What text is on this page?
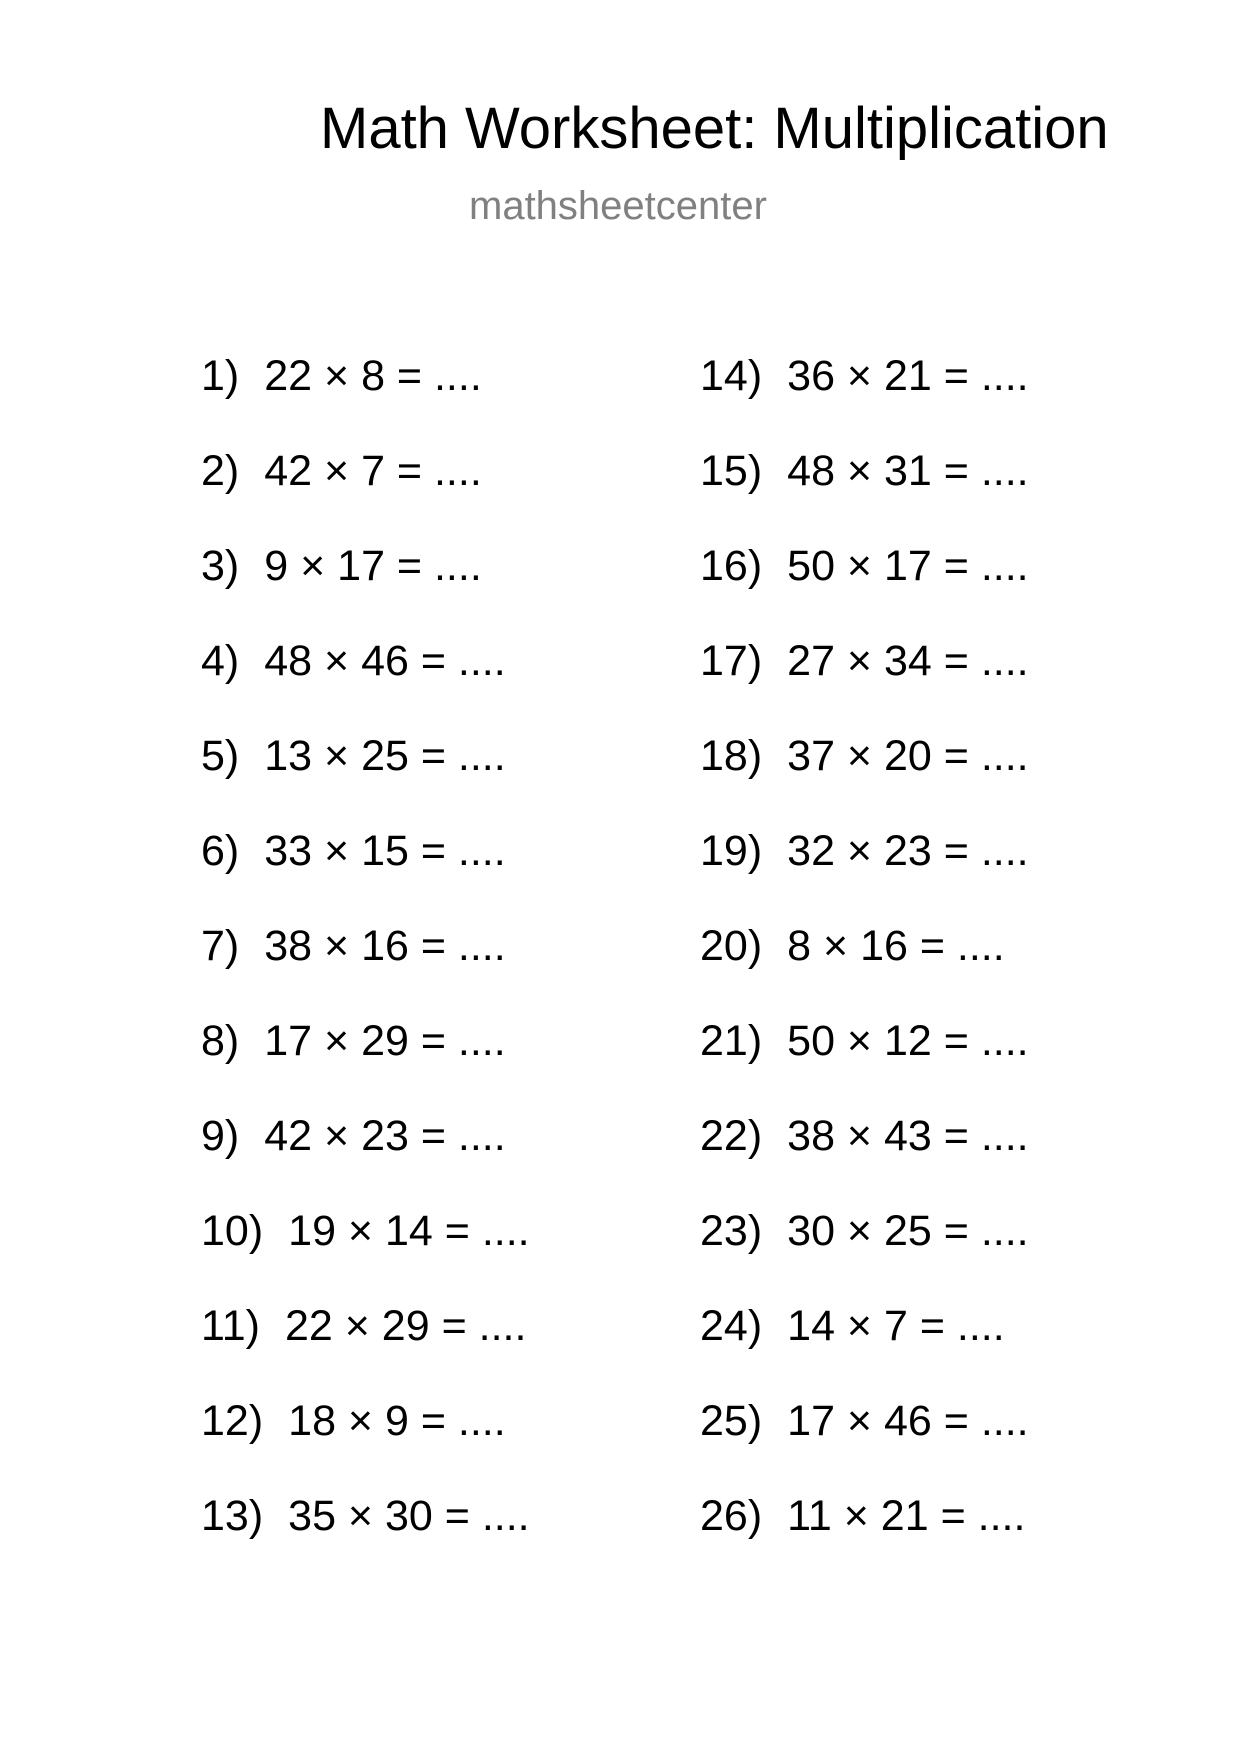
Math Worksheet: Multiplication
mathsheetcenter
1) 22 × 8 = ....
2) 42 × 7 = ....
3) 9 × 17 = ....
4) 48 × 46 = ....
5) 13 × 25 = ....
6) 33 × 15 = ....
7) 38 × 16 = ....
8) 17 × 29 = ....
9) 42 × 23 = ....
10) 19 × 14 = ....
11) 22 × 29 = ....
12) 18 × 9 = ....
13) 35 × 30 = ....
14) 36 × 21 = ....
15) 48 × 31 = ....
16) 50 × 17 = ....
17) 27 × 34 = ....
18) 37 × 20 = ....
19) 32 × 23 = ....
20) 8 × 16 = ....
21) 50 × 12 = ....
22) 38 × 43 = ....
23) 30 × 25 = ....
24) 14 × 7 = ....
25) 17 × 46 = ....
26) 11 × 21 = ....
